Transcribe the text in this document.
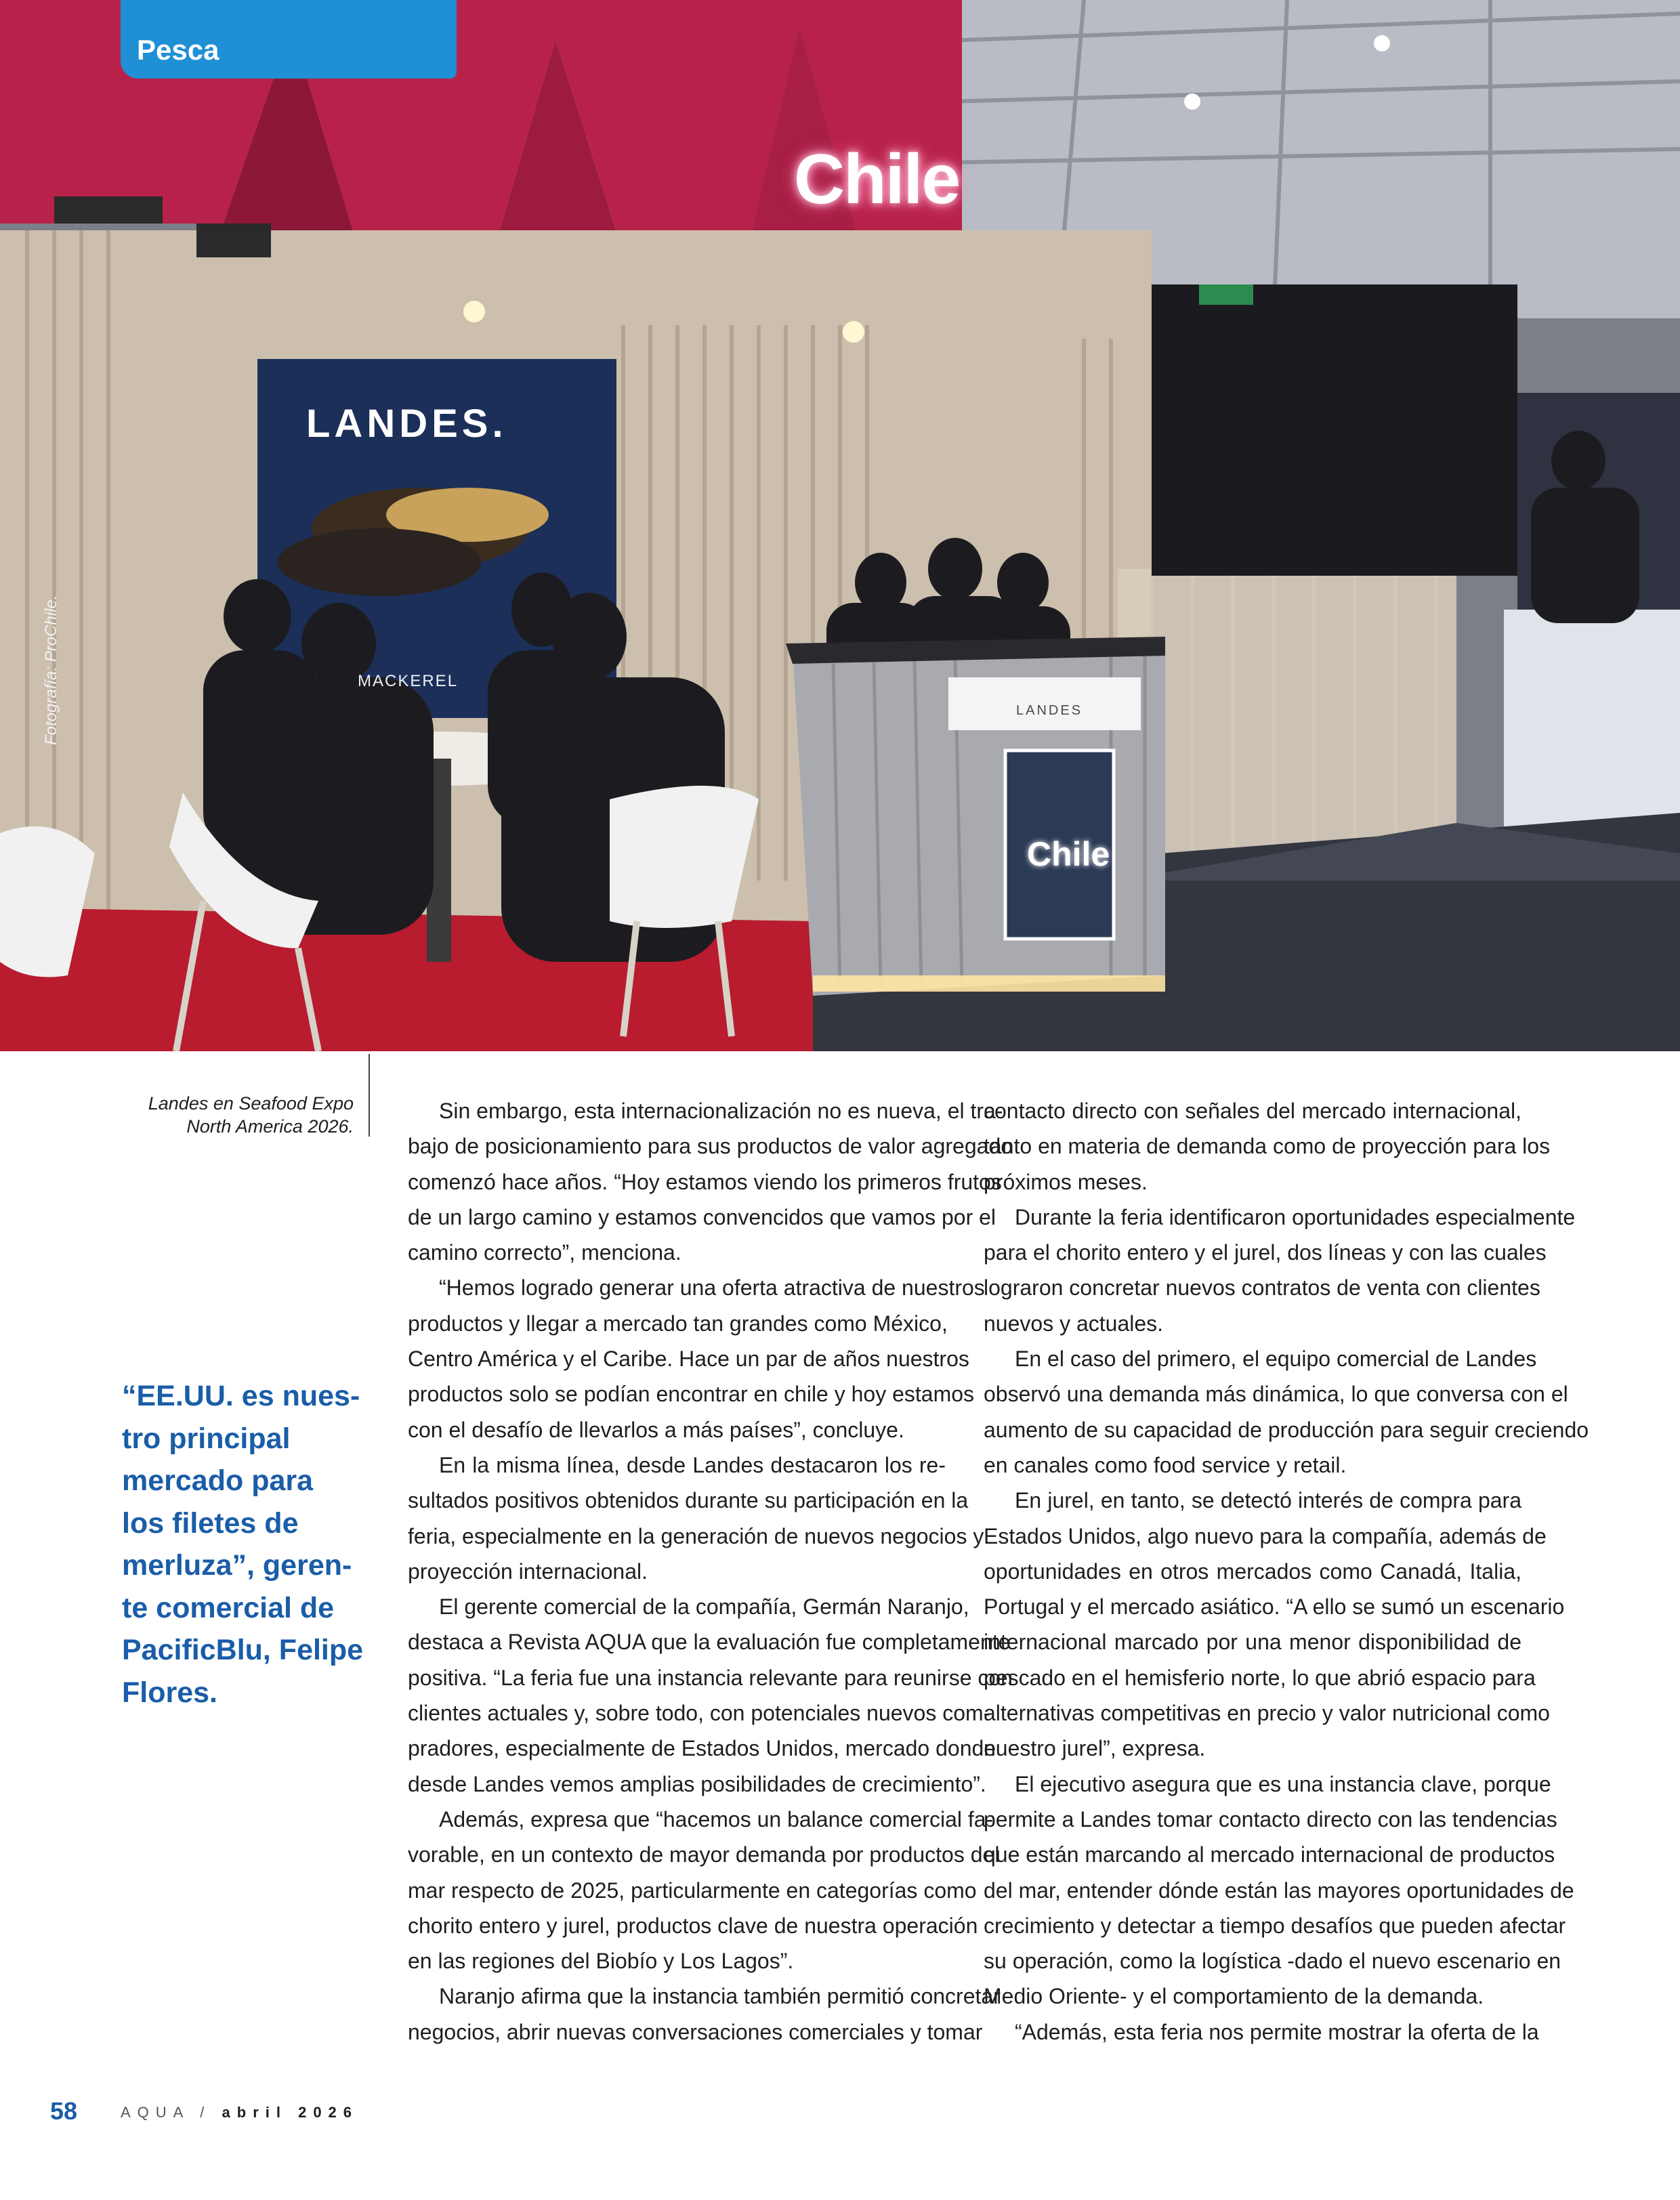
Chile
LANDES.
MACKEREL
LANDES
Chile
Pesca
Fotografía: ProChile.
Landes en Seafood Expo
North America 2026.
“EE.UU. es nues-
tro principal
mercado para
los filetes de
merluza”, geren-
te comercial de
PacificBlu, Felipe
Flores.
Sin embargo, esta internacionalización no es nueva, el tra-
bajo de posicionamiento para sus productos de valor agregado
comenzó hace años. “Hoy estamos viendo los primeros frutos
de un largo camino y estamos convencidos que vamos por el
camino correcto”, menciona.
“Hemos logrado generar una oferta atractiva de nuestros
productos y llegar a mercado tan grandes como México,
Centro América y el Caribe. Hace un par de años nuestros
productos solo se podían encontrar en chile y hoy estamos
con el desafío de llevarlos a más países”, concluye.
En la misma línea, desde Landes destacaron los re-
sultados positivos obtenidos durante su participación en la
feria, especialmente en la generación de nuevos negocios y
proyección internacional.
El gerente comercial de la compañía, Germán Naranjo,
destaca a Revista AQUA que la evaluación fue completamente
positiva. “La feria fue una instancia relevante para reunirse con
clientes actuales y, sobre todo, con potenciales nuevos com-
pradores, especialmente de Estados Unidos, mercado donde
desde Landes vemos amplias posibilidades de crecimiento”.
Además, expresa que “hacemos un balance comercial fa-
vorable, en un contexto de mayor demanda por productos del
mar respecto de 2025, particularmente en categorías como
chorito entero y jurel, productos clave de nuestra operación
en las regiones del Biobío y Los Lagos”.
Naranjo afirma que la instancia también permitió concretar
negocios, abrir nuevas conversaciones comerciales y tomar
contacto directo con señales del mercado internacional,
tanto en materia de demanda como de proyección para los
próximos meses.
Durante la feria identificaron oportunidades especialmente
para el chorito entero y el jurel, dos líneas y con las cuales
lograron concretar nuevos contratos de venta con clientes
nuevos y actuales.
En el caso del primero, el equipo comercial de Landes
observó una demanda más dinámica, lo que conversa con el
aumento de su capacidad de producción para seguir creciendo
en canales como food service y retail.
En jurel, en tanto, se detectó interés de compra para
Estados Unidos, algo nuevo para la compañía, además de
oportunidades en otros mercados como Canadá, Italia,
Portugal y el mercado asiático. “A ello se sumó un escenario
internacional marcado por una menor disponibilidad de
pescado en el hemisferio norte, lo que abrió espacio para
alternativas competitivas en precio y valor nutricional como
nuestro jurel”, expresa.
El ejecutivo asegura que es una instancia clave, porque
permite a Landes tomar contacto directo con las tendencias
que están marcando al mercado internacional de productos
del mar, entender dónde están las mayores oportunidades de
crecimiento y detectar a tiempo desafíos que pueden afectar
su operación, como la logística -dado el nuevo escenario en
Medio Oriente- y el comportamiento de la demanda.
“Además, esta feria nos permite mostrar la oferta de la
58	AQUA / abril 2026
